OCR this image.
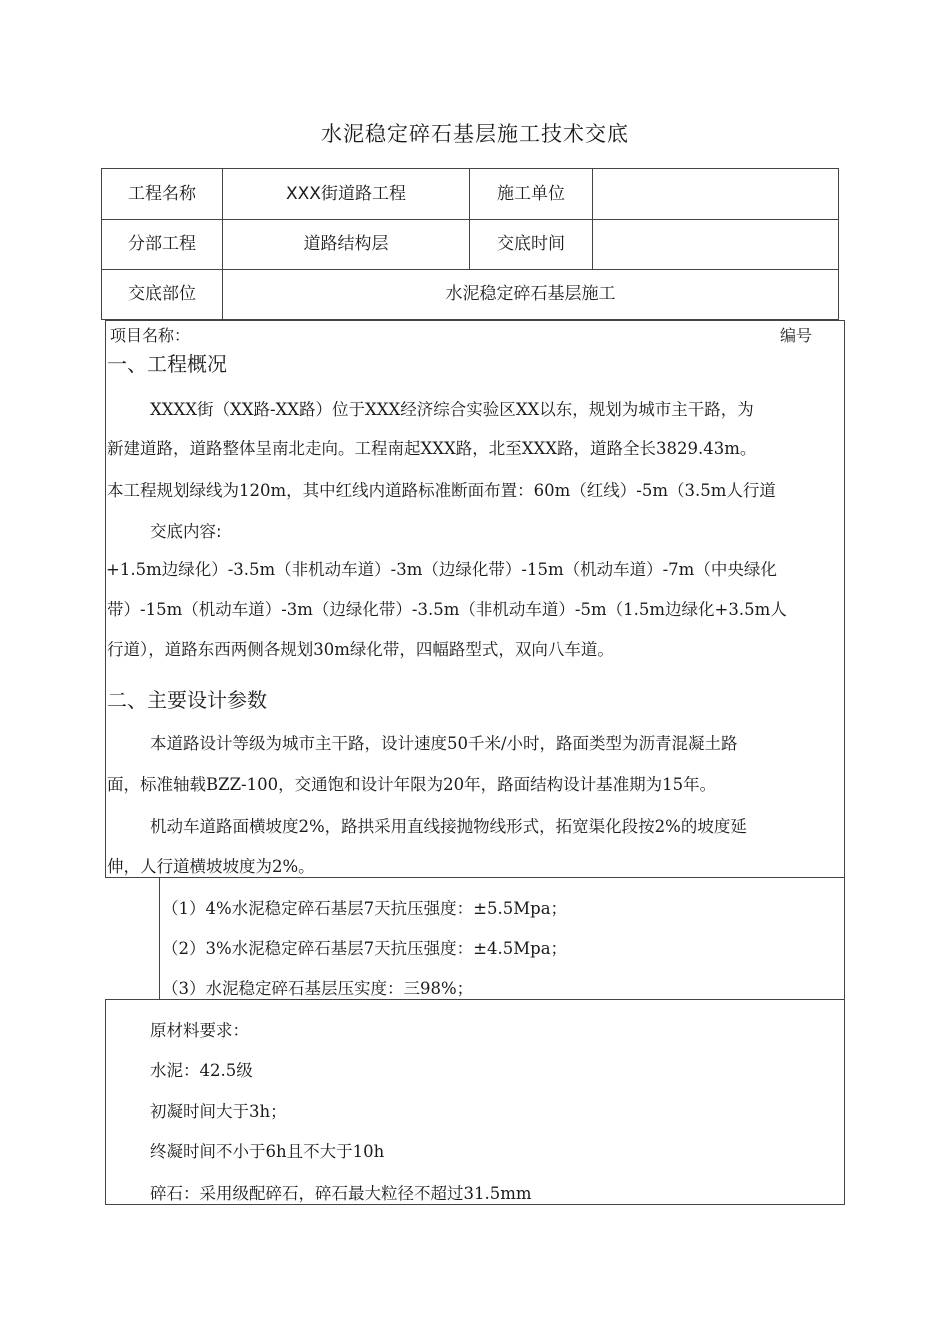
水泥稳定碎石基层施工技术交底
工程名称	XXX街道路工程	施工单位
分部工程	道路结构层	交底时间
交底部位	水泥稳定碎石基层施工
项目名称：	编号
一、工程概况
XXXX街（XX路-XX路）位于XXX经济综合实验区XX以东，规划为城市主干路，为
新建道路，道路整体呈南北走向。工程南起XXX路，北至XXX路，道路全长3829.43m。
本工程规划绿线为120m，其中红线内道路标准断面布置：60m（红线）-5m（3.5m人行道
交底内容:
+1.5m边绿化）-3.5m（非机动车道）-3m（边绿化带）-15m（机动车道）-7m（中央绿化
带）-15m（机动车道）-3m（边绿化带）-3.5m（非机动车道）-5m（1.5m边绿化+3.5m人
行道），道路东西两侧各规划30m绿化带，四幅路型式，双向八车道。
二、主要设计参数
本道路设计等级为城市主干路，设计速度50千米/小时，路面类型为沥青混凝土路
面，标准轴载BZZ-100，交通饱和设计年限为20年，路面结构设计基准期为15年。
机动车道路面横坡度2%，路拱采用直线接抛物线形式，拓宽渠化段按2%的坡度延
伸，人行道横坡坡度为2%。
（1）4%水泥稳定碎石基层7天抗压强度：±5.5Mpa；
（2）3%水泥稳定碎石基层7天抗压强度：±4.5Mpa；
（3）水泥稳定碎石基层压实度：三98%；
原材料要求：
水泥：42.5级
初凝时间大于3h；
终凝时间不小于6h且不大于10h
碎石：采用级配碎石，碎石最大粒径不超过31.5mm
